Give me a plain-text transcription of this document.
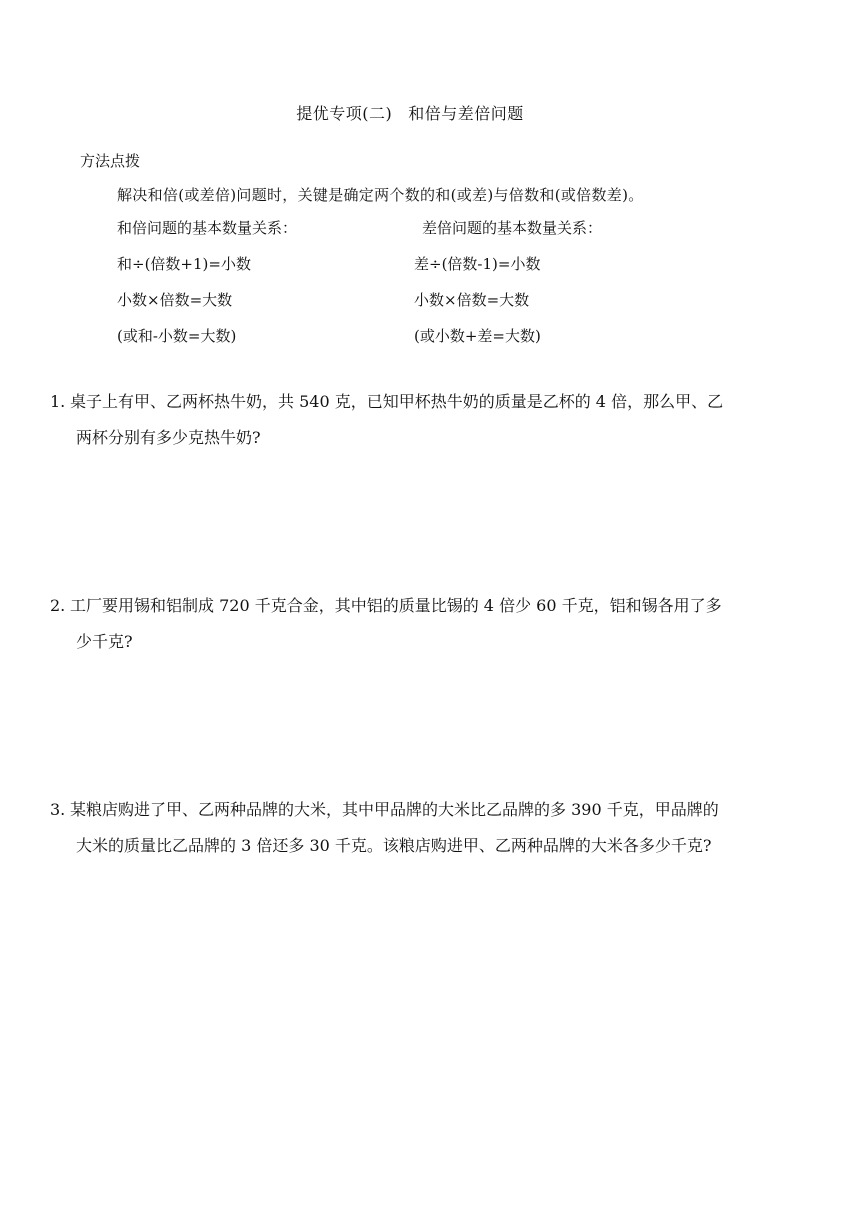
提优专项(二) 和倍与差倍问题
方法点拨
解决和倍(或差倍)问题时，关键是确定两个数的和(或差)与倍数和(或倍数差)。
和倍问题的基本数量关系：
和÷(倍数+1)=小数
小数×倍数=大数
(或和-小数=大数)
差倍问题的基本数量关系：
差÷(倍数-1)=小数
小数×倍数=大数
(或小数+差=大数)
1. 桌子上有甲、乙两杯热牛奶，共 540 克，已知甲杯热牛奶的质量是乙杯的 4 倍，那么甲、乙
两杯分别有多少克热牛奶?
2. 工厂要用锡和铝制成 720 千克合金，其中铝的质量比锡的 4 倍少 60 千克，铝和锡各用了多
少千克?
3. 某粮店购进了甲、乙两种品牌的大米，其中甲品牌的大米比乙品牌的多 390 千克，甲品牌的
大米的质量比乙品牌的 3 倍还多 30 千克。该粮店购进甲、乙两种品牌的大米各多少千克?
